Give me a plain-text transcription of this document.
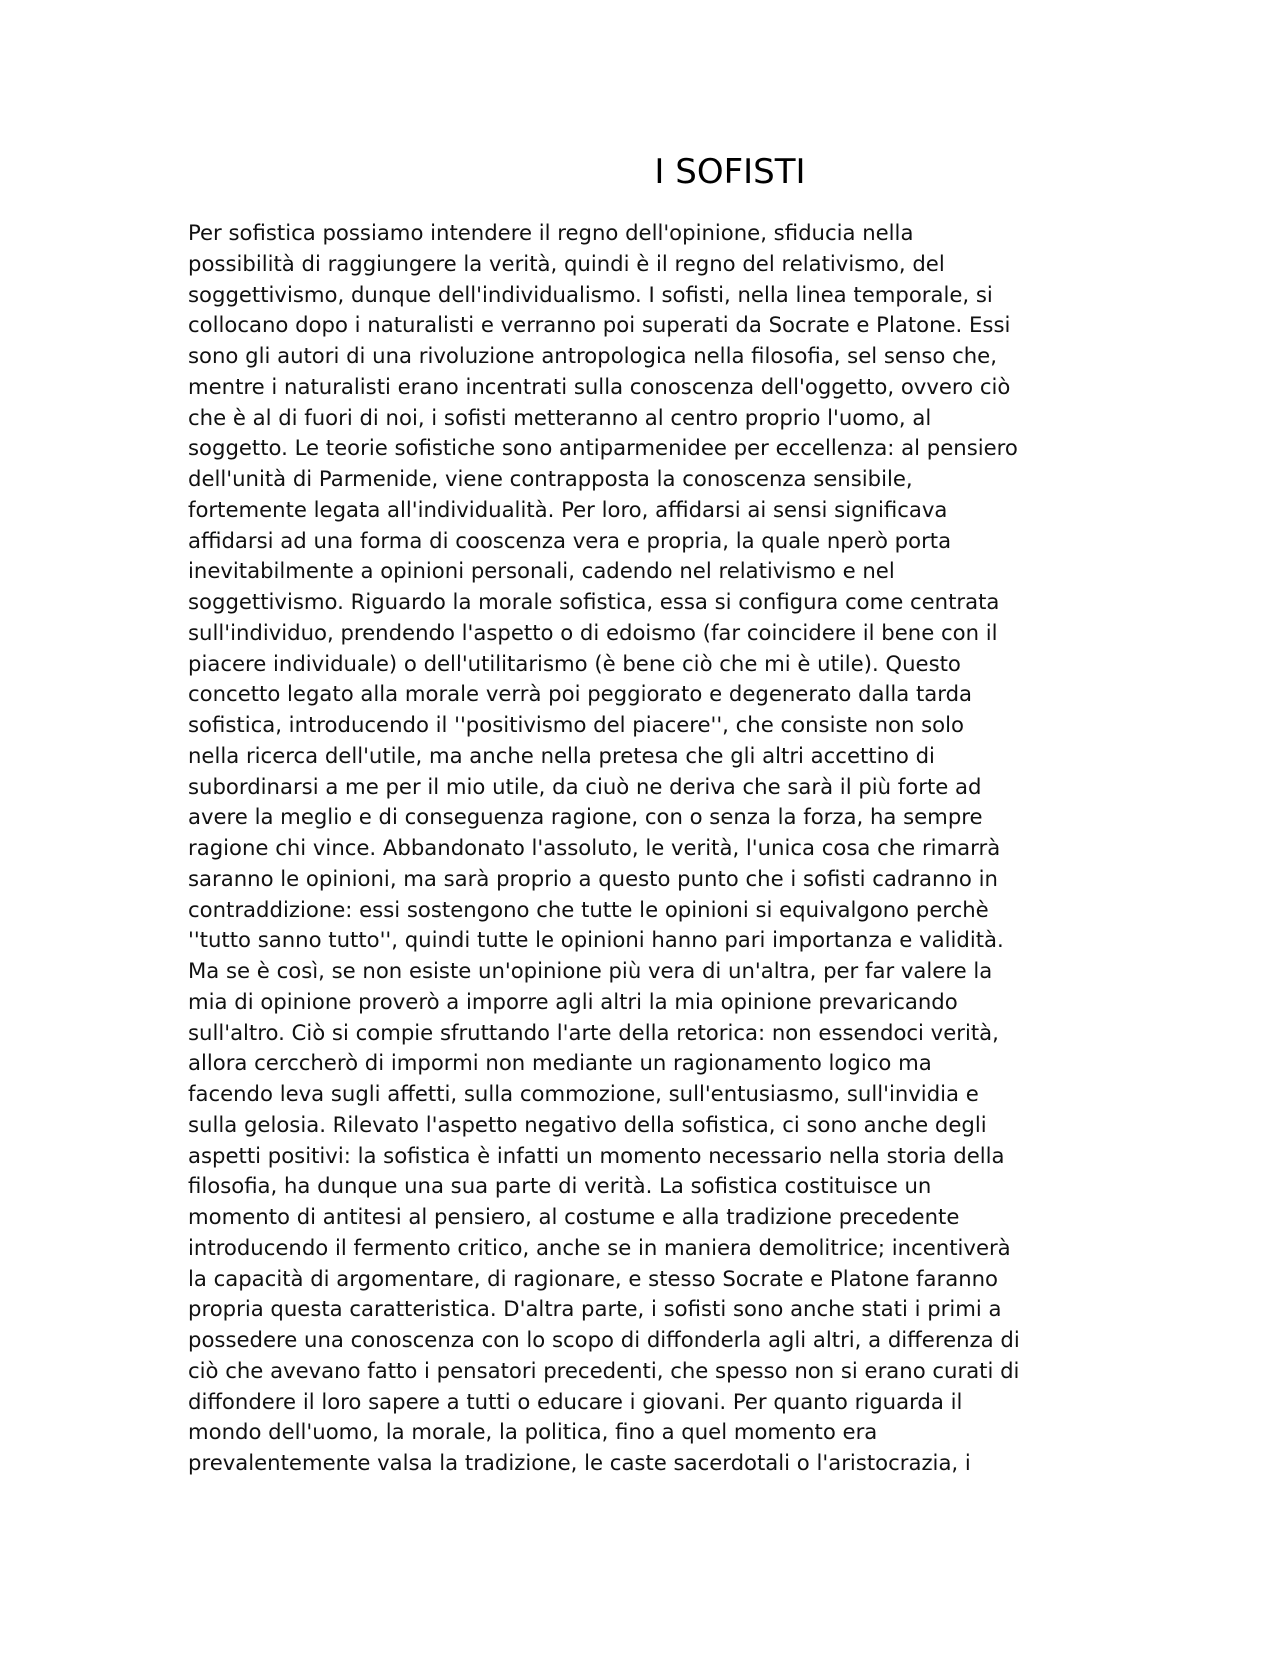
I SOFISTI
Per sofistica possiamo intendere il regno dell'opinione, sfiducia nella
possibilità di raggiungere la verità, quindi è il regno del relativismo, del
soggettivismo, dunque dell'individualismo. I sofisti, nella linea temporale, si
collocano dopo i naturalisti e verranno poi superati da Socrate e Platone. Essi
sono gli autori di una rivoluzione antropologica nella filosofia, sel senso che,
mentre i naturalisti erano incentrati sulla conoscenza dell'oggetto, ovvero ciò
che è al di fuori di noi, i sofisti metteranno al centro proprio l'uomo, al
soggetto. Le teorie sofistiche sono antiparmenidee per eccellenza: al pensiero
dell'unità di Parmenide, viene contrapposta la conoscenza sensibile,
fortemente legata all'individualità. Per loro, affidarsi ai sensi significava
affidarsi ad una forma di cooscenza vera e propria, la quale nperò porta
inevitabilmente a opinioni personali, cadendo nel relativismo e nel
soggettivismo. Riguardo la morale sofistica, essa si configura come centrata
sull'individuo, prendendo l'aspetto o di edoismo (far coincidere il bene con il
piacere individuale) o dell'utilitarismo (è bene ciò che mi è utile). Questo
concetto legato alla morale verrà poi peggiorato e degenerato dalla tarda
sofistica, introducendo il ''positivismo del piacere'', che consiste non solo
nella ricerca dell'utile, ma anche nella pretesa che gli altri accettino di
subordinarsi a me per il mio utile, da ciuò ne deriva che sarà il più forte ad
avere la meglio e di conseguenza ragione, con o senza la forza, ha sempre
ragione chi vince. Abbandonato l'assoluto, le verità, l'unica cosa che rimarrà
saranno le opinioni, ma sarà proprio a questo punto che i sofisti cadranno in
contraddizione: essi sostengono che tutte le opinioni si equivalgono perchè
''tutto sanno tutto'', quindi tutte le opinioni hanno pari importanza e validità.
Ma se è così, se non esiste un'opinione più vera di un'altra, per far valere la
mia di opinione proverò a imporre agli altri la mia opinione prevaricando
sull'altro. Ciò si compie sfruttando l'arte della retorica: non essendoci verità,
allora cerccherò di impormi non mediante un ragionamento logico ma
facendo leva sugli affetti, sulla commozione, sull'entusiasmo, sull'invidia e
sulla gelosia. Rilevato l'aspetto negativo della sofistica, ci sono anche degli
aspetti positivi: la sofistica è infatti un momento necessario nella storia della
filosofia, ha dunque una sua parte di verità. La sofistica costituisce un
momento di antitesi al pensiero, al costume e alla tradizione precedente
introducendo il fermento critico, anche se in maniera demolitrice; incentiverà
la capacità di argomentare, di ragionare, e stesso Socrate e Platone faranno
propria questa caratteristica. D'altra parte, i sofisti sono anche stati i primi a
possedere una conoscenza con lo scopo di diffonderla agli altri, a differenza di
ciò che avevano fatto i pensatori precedenti, che spesso non si erano curati di
diffondere il loro sapere a tutti o educare i giovani. Per quanto riguarda il
mondo dell'uomo, la morale, la politica, fino a quel momento era
prevalentemente valsa la tradizione, le caste sacerdotali o l'aristocrazia, i
